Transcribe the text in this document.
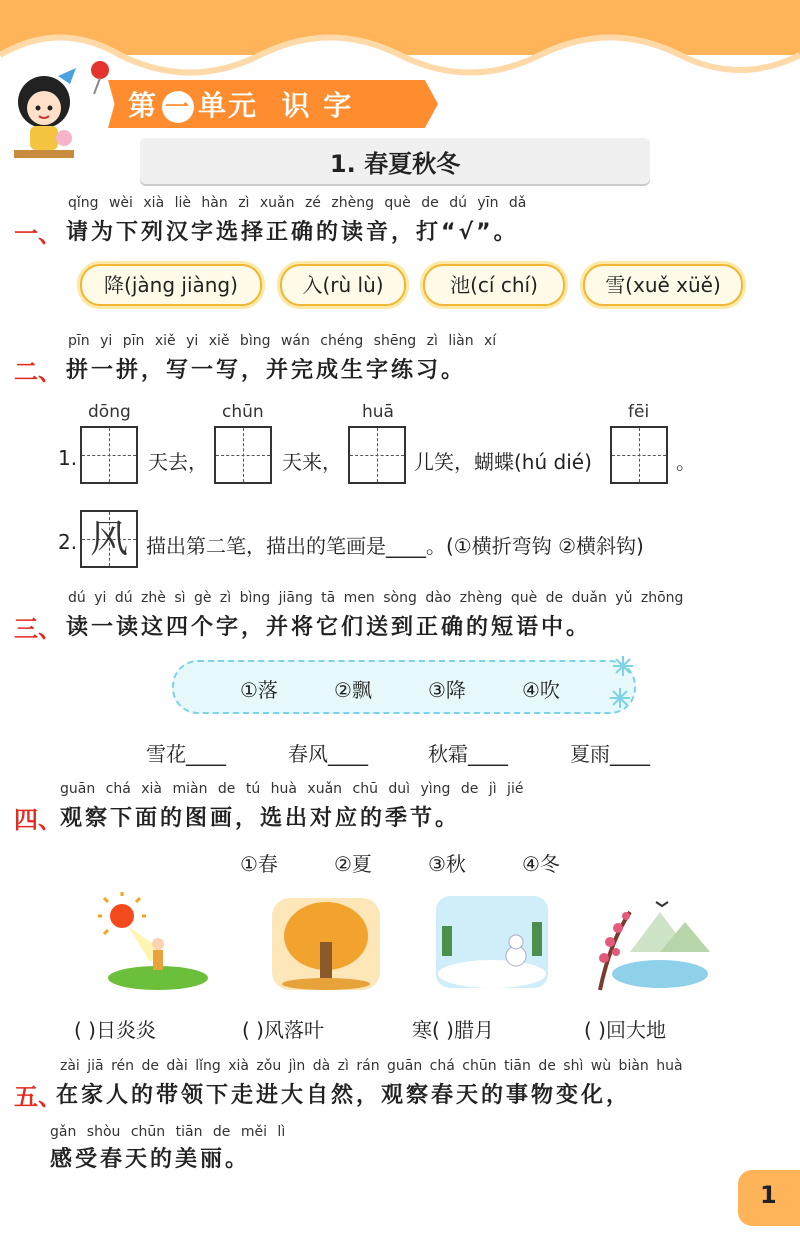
第 一 单元 识 字
1. 春夏秋冬
qǐng wèi xià liè hàn zì xuǎn zé zhèng què de dú yīn dǎ
一、 请为下列汉字选择正确的读音，打“√”。
降(jàng jiàng)	入(rù lù)	池(cí chí)	雪(xuě xüě)
pīn yi pīn xiě yi xiě bìng wán chéng shēng zì liàn xí
二、 拼一拼，写一写，并完成生字练习。
1.
dōng
天去，
chūn
天来，
huā
儿笑，蝴蝶(hú dié)
fēi
。
2. 风 描出第二笔，描出的笔画是____。(①横折弯钩 ②横斜钩)
dú yi dú zhè sì gè zì bìng jiāng tā men sòng dào zhèng què de duǎn yǔ zhōng
三、 读一读这四个字，并将它们送到正确的短语中。
①落	②飘	③降	④吹
雪花____	春风____	秋霜____	夏雨____
guān chá xià miàn de tú huà xuǎn chū duì yìng de jì jié
四、
观察下面的图画，选出对应的季节。
①春	②夏	③秋	④冬
( )日炎炎	( )风落叶	寒( )腊月	( )回大地
zài jiā rén de dài lǐng xià zǒu jìn dà zì rán guān chá chūn tiān de shì wù biàn huà
五、
在家人的带领下走进大自然，观察春天的事物变化，
gǎn shòu chūn tiān de měi lì
感受春天的美丽。
1
